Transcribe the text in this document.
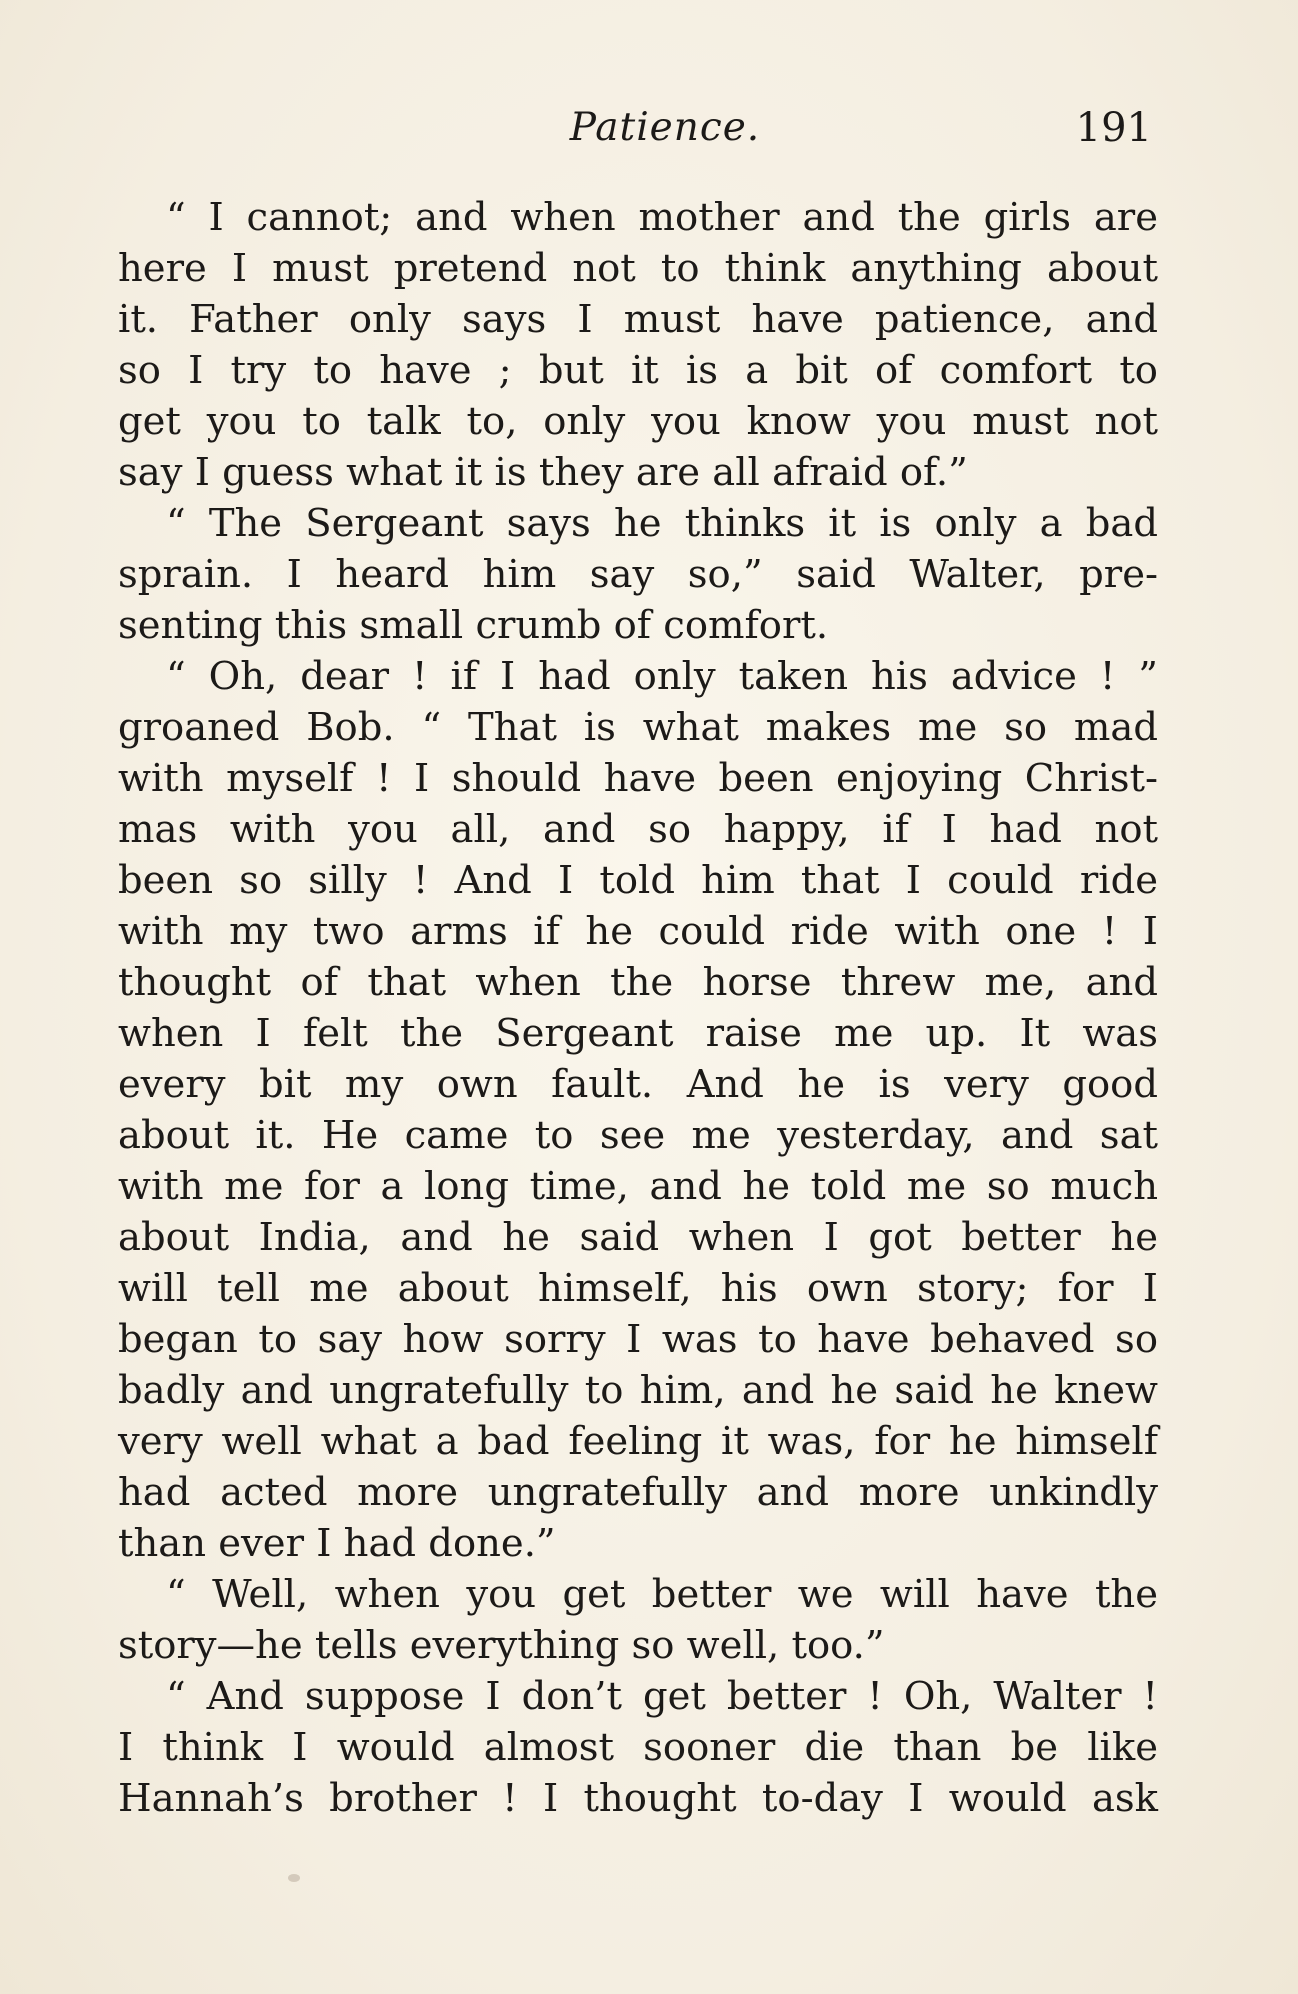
Patience.	191
“ I cannot; and when mother and the girls are
here I must pretend not to think anything about
it. Father only says I must have patience, and
so I try to have ; but it is a bit of comfort to
get you to talk to, only you know you must not
say I guess what it is they are all afraid of.”
“ The Sergeant says he thinks it is only a bad
sprain. I heard him say so,” said Walter, pre-
senting this small crumb of comfort.
“ Oh, dear ! if I had only taken his advice ! ”
groaned Bob. “ That is what makes me so mad
with myself ! I should have been enjoying Christ-
mas with you all, and so happy, if I had not
been so silly ! And I told him that I could ride
with my two arms if he could ride with one ! I
thought of that when the horse threw me, and
when I felt the Sergeant raise me up. It was
every bit my own fault. And he is very good
about it. He came to see me yesterday, and sat
with me for a long time, and he told me so much
about India, and he said when I got better he
will tell me about himself, his own story; for I
began to say how sorry I was to have behaved so
badly and ungratefully to him, and he said he knew
very well what a bad feeling it was, for he himself
had acted more ungratefully and more unkindly
than ever I had done.”
“ Well, when you get better we will have the
story—he tells everything so well, too.”
“ And suppose I don’t get better ! Oh, Walter !
I think I would almost sooner die than be like
Hannah’s brother ! I thought to-day I would ask
